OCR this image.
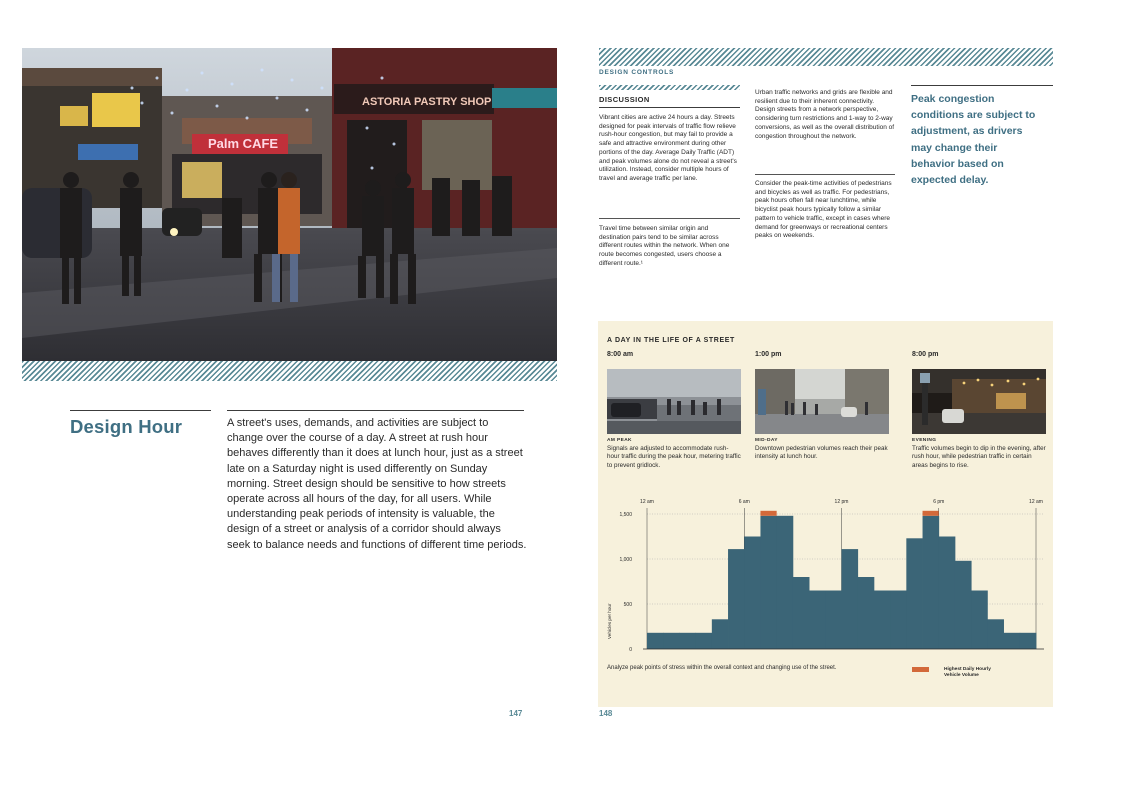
Palm CAFE
ASTORIA PASTRY SHOP
Design Hour	A street's uses, demands, and activities are subject to change over the course of a day. A street at rush hour behaves differently than it does at lunch hour, just as a street late on a Saturday night is used differently on Sunday morning. Street design should be sensitive to how streets operate across all hours of the day, for all users. While understanding peak periods of intensity is valuable, the design of a street or analysis of a corridor should always seek to balance needs and functions of different time periods.
147
DESIGN CONTROLS
DISCUSSION
Vibrant cities are active 24 hours a day. Streets designed for peak intervals of traffic flow relieve rush-hour congestion, but may fail to provide a safe and attractive environment during other portions of the day. Average Daily Traffic (ADT) and peak volumes alone do not reveal a street's utilization. Instead, consider multiple hours of travel and average traffic per lane.
Travel time between similar origin and destination pairs tend to be similar across different routes within the network. When one route becomes congested, users choose a different route.¹
Urban traffic networks and grids are flexible and resilient due to their inherent connectivity. Design streets from a network perspective, considering turn restrictions and 1-way to 2-way conversions, as well as the overall distribution of congestion throughout the network.
Consider the peak-time activities of pedestrians and bicycles as well as traffic. For pedestrians, peak hours often fall near lunchtime, while bicyclist peak hours typically follow a similar pattern to vehicle traffic, except in cases where demand for greenways or recreational centers peaks on weekends.
Peak congestion conditions are subject to adjustment, as drivers may change their behavior based on expected delay.
A DAY IN THE LIFE OF A STREET
8:00 am	1:00 pm	8:00 pm
AM PEAK	MID-DAY	EVENING
Signals are adjusted to accommodate rush-hour traffic during the peak hour, metering traffic to prevent gridlock.
Downtown pedestrian volumes reach their peak intensity at lunch hour.
Traffic volumes begin to dip in the evening, after rush hour, while pedestrian traffic in certain areas begins to rise.
0
500
1,000
1,500
12 am	6 am	12 pm	6 pm	12 am
Vehicles per hour
Analyze peak points of stress within the overall context and changing use of the street.	Highest Daily Hourly Vehicle Volume
148
